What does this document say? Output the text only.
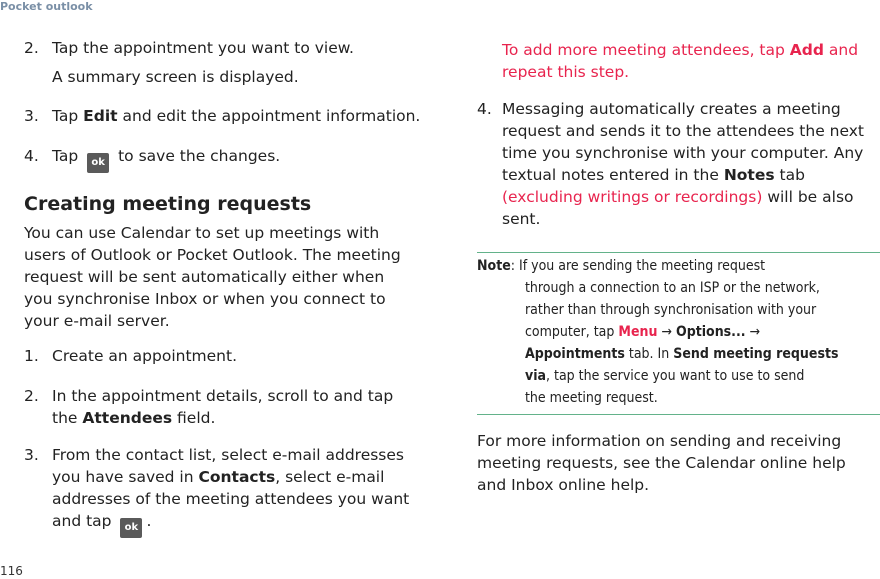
Pocket outlook
2. Tap the appointment you want to view.
A summary screen is displayed.
3. Tap Edit and edit the appointment information.
4. Tap ok to save the changes.
Creating meeting requests
You can use Calendar to set up meetings with
users of Outlook or Pocket Outlook. The meeting
request will be sent automatically either when
you synchronise Inbox or when you connect to
your e-mail server.
1. Create an appointment.
2. In the appointment details, scroll to and tap
the Attendees field.
3. From the contact list, select e-mail addresses
you have saved in Contacts, select e-mail
addresses of the meeting attendees you want
and tap ok .
116
To add more meeting attendees, tap Add and
repeat this step.
4. Messaging automatically creates a meeting
request and sends it to the attendees the next
time you synchronise with your computer. Any
textual notes entered in the Notes tab
(excluding writings or recordings) will be also
sent.
Note: If you are sending the meeting request
through a connection to an ISP or the network,
rather than through synchronisation with your
computer, tap Menu → Options... →
Appointments tab. In Send meeting requests
via, tap the service you want to use to send
the meeting request.
For more information on sending and receiving
meeting requests, see the Calendar online help
and Inbox online help.
